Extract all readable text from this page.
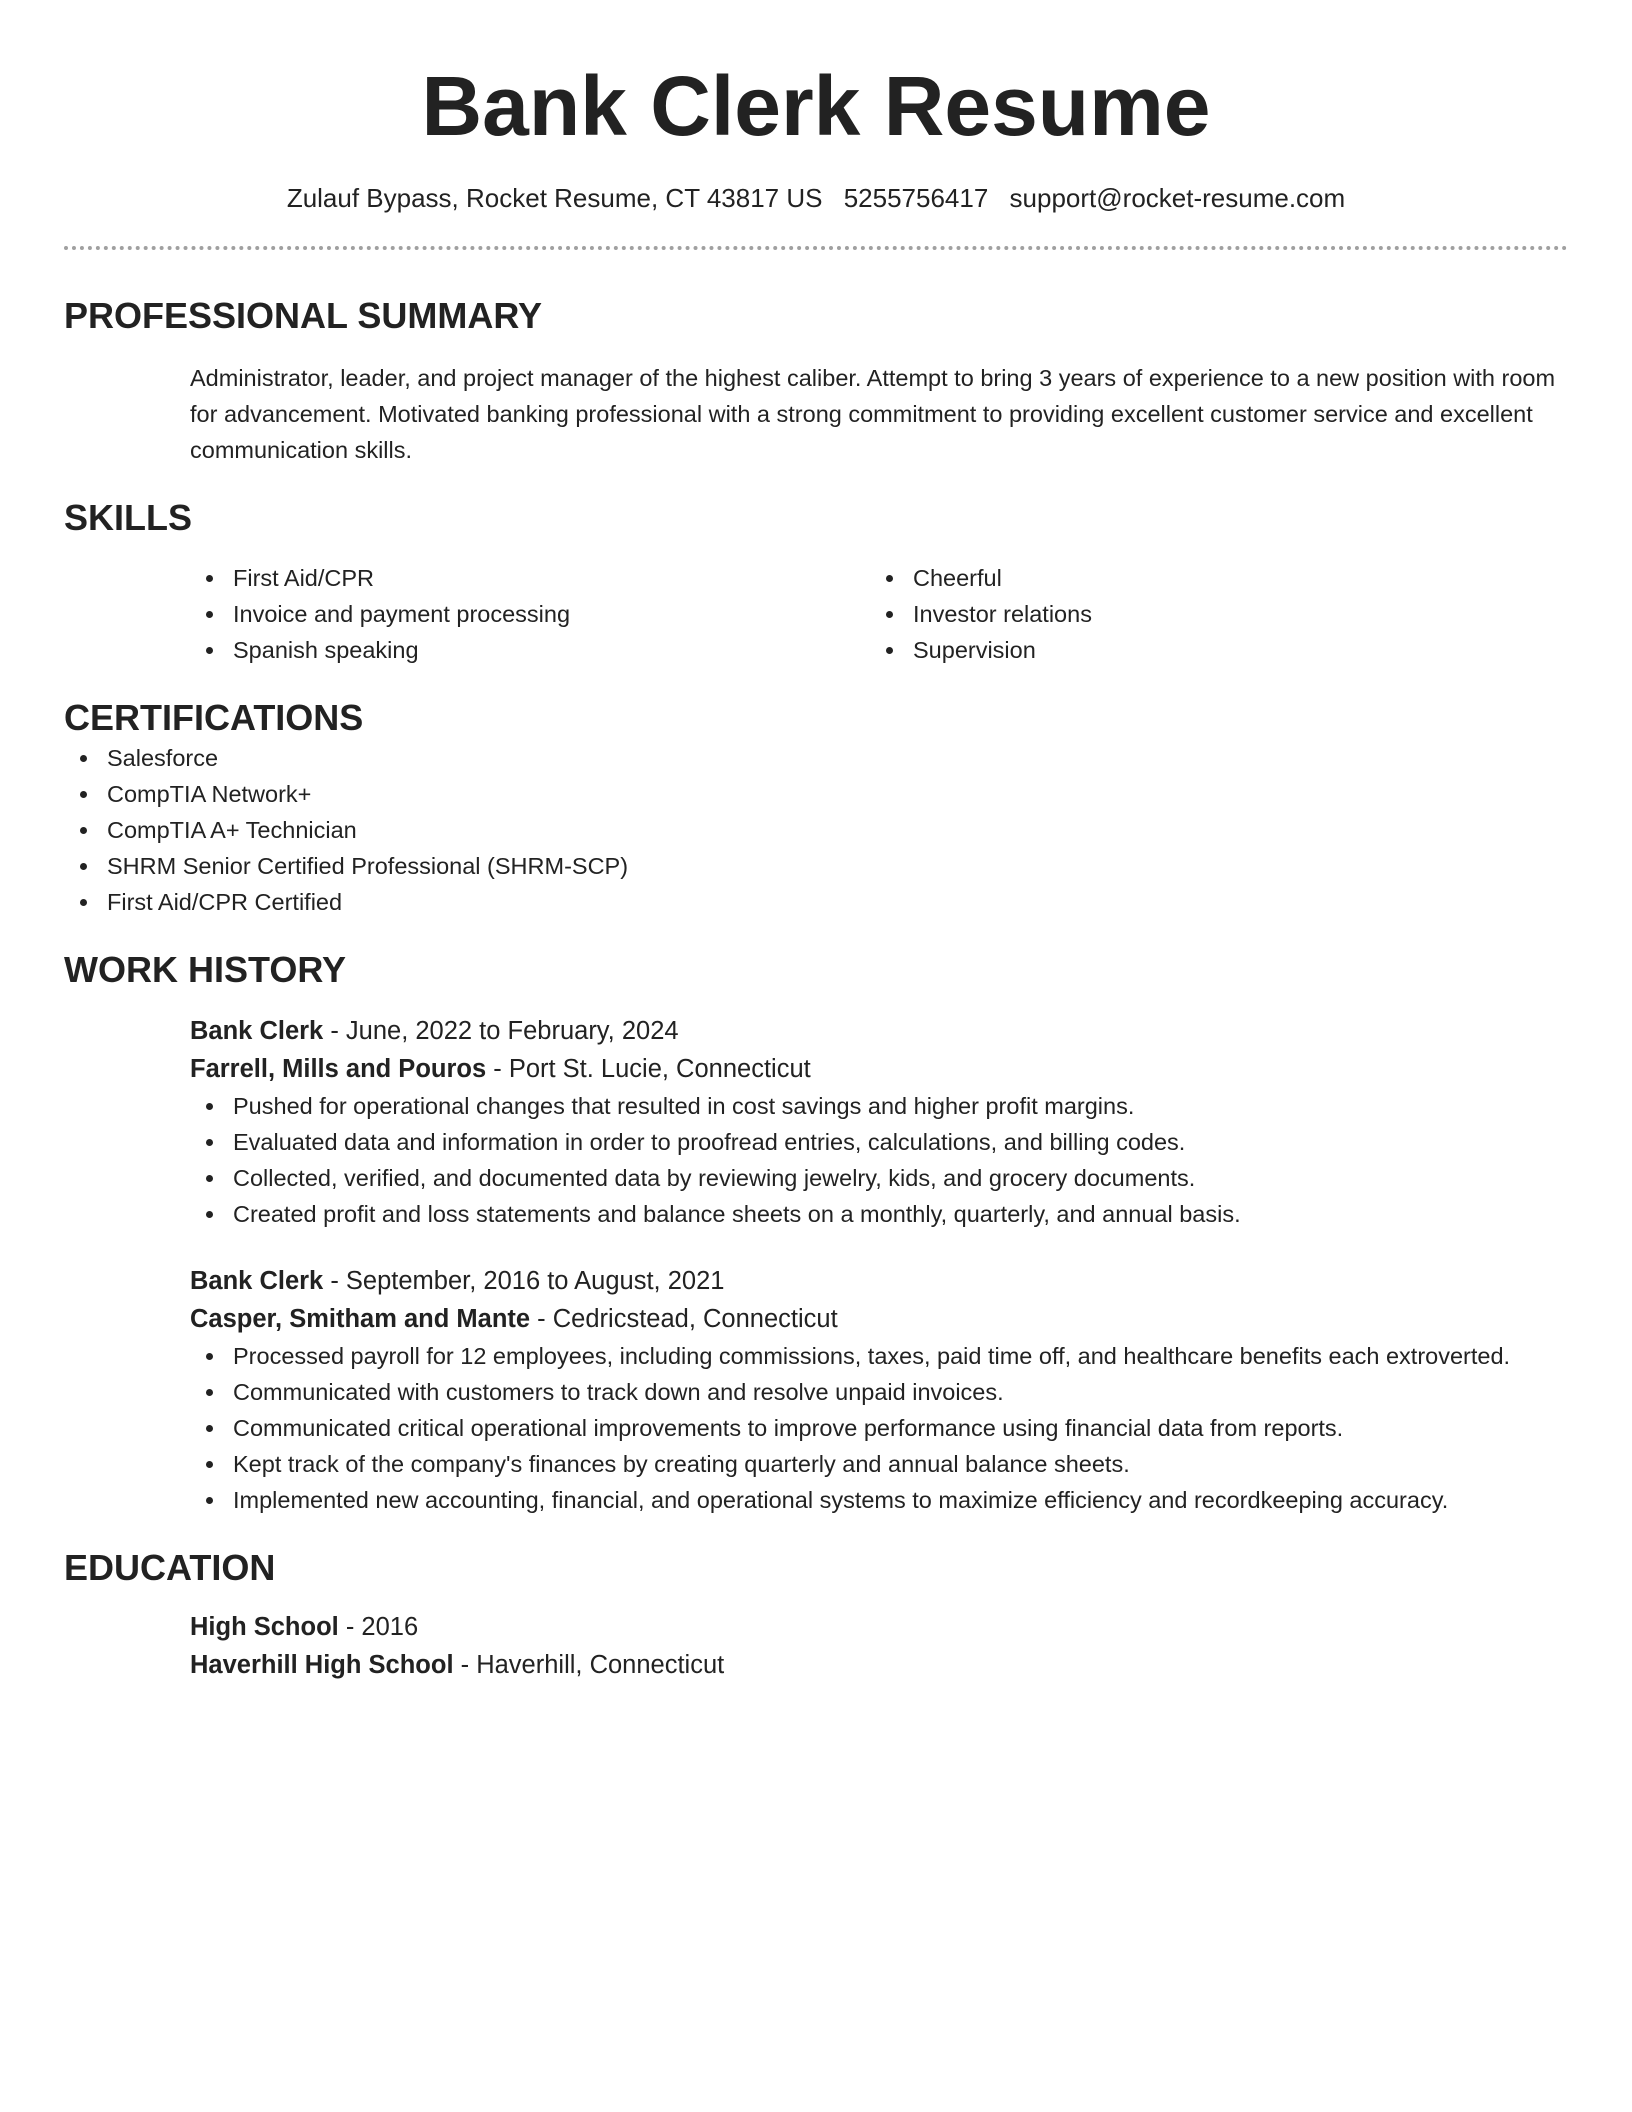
Bank Clerk Resume
Zulauf Bypass, Rocket Resume, CT 43817 US 5255756417 support@rocket-resume.com
PROFESSIONAL SUMMARY

Administrator, leader, and project manager of the highest caliber. Attempt to bring 3 years of experience to a new position with room for advancement. Motivated banking professional with a strong commitment to providing excellent customer service and excellent communication skills.

SKILLS
First Aid/CPR
Invoice and payment processing
Spanish speaking
Cheerful
Investor relations
Supervision
CERTIFICATIONS
Salesforce
CompTIA Network+
CompTIA A+ Technician
SHRM Senior Certified Professional (SHRM-SCP)
First Aid/CPR Certified
WORK HISTORY
Bank Clerk - June, 2022 to February, 2024
Farrell, Mills and Pouros - Port St. Lucie, Connecticut
Pushed for operational changes that resulted in cost savings and higher profit margins.
Evaluated data and information in order to proofread entries, calculations, and billing codes.
Collected, verified, and documented data by reviewing jewelry, kids, and grocery documents.
Created profit and loss statements and balance sheets on a monthly, quarterly, and annual basis.
Bank Clerk - September, 2016 to August, 2021
Casper, Smitham and Mante - Cedricstead, Connecticut
Processed payroll for 12 employees, including commissions, taxes, paid time off, and healthcare benefits each extroverted.
Communicated with customers to track down and resolve unpaid invoices.
Communicated critical operational improvements to improve performance using financial data from reports.
Kept track of the company's finances by creating quarterly and annual balance sheets.
Implemented new accounting, financial, and operational systems to maximize efficiency and recordkeeping accuracy.
EDUCATION
High School - 2016
Haverhill High School - Haverhill, Connecticut
